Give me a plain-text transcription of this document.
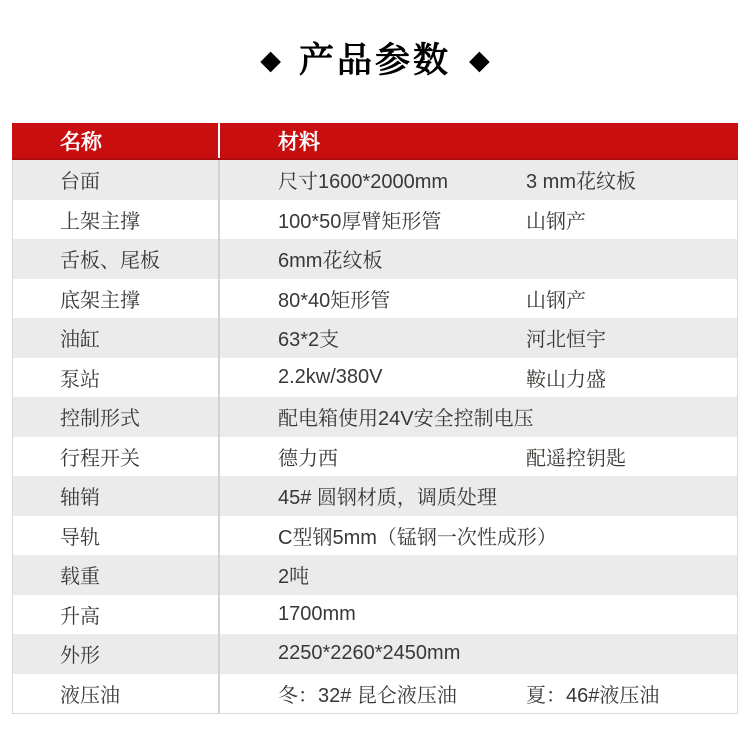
◆ 产品参数 ◆
名称	材料
台面	尺寸1600*2000mm	3 mm花纹板
上架主撑	100*50厚臂矩形管	山钢产
舌板、尾板	6mm花纹板
底架主撑	80*40矩形管	山钢产
油缸	63*2支	河北恒宇
泵站	2.2kw/380V	鞍山力盛
控制形式	配电箱使用24V安全控制电压
行程开关	德力西	配遥控钥匙
轴销	45# 圆钢材质，调质处理
导轨	C型钢5mm（锰钢一次性成形）
载重	2吨
升高	1700mm
外形	2250*2260*2450mm
液压油	冬：32# 昆仑液压油	夏：46#液压油
